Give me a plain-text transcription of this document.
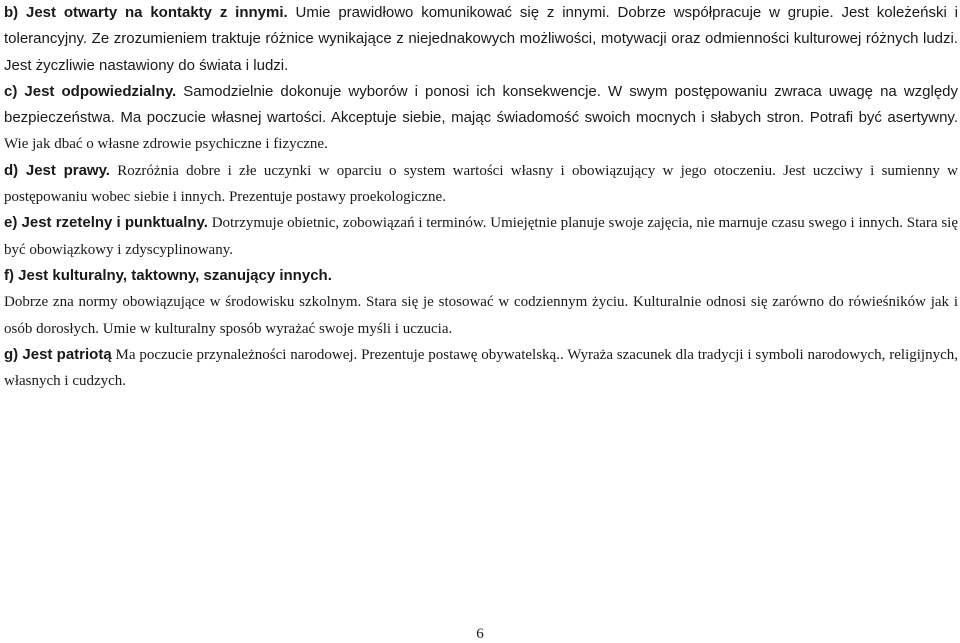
b) Jest otwarty na kontakty z innymi. Umie prawidłowo komunikować się z innymi. Dobrze współpracuje w grupie. Jest koleżeński i tolerancyjny. Ze zrozumieniem traktuje różnice wynikające z niejednakowych możliwości, motywacji oraz odmienności kulturowej różnych ludzi. Jest życzliwie nastawiony do świata i ludzi.

c) Jest odpowiedzialny. Samodzielnie dokonuje wyborów i ponosi ich konsekwencje. W swym postępowaniu zwraca uwagę na względy bezpieczeństwa. Ma poczucie własnej wartości. Akceptuje siebie, mając świadomość swoich mocnych i słabych stron. Potrafi być asertywny. Wie jak dbać o własne zdrowie psychiczne i fizyczne.

d) Jest prawy. Rozróżnia dobre i złe uczynki w oparciu o system wartości własny i obowiązujący w jego otoczeniu. Jest uczciwy i sumienny w postępowaniu wobec siebie i innych. Prezentuje postawy proekologiczne.

e) Jest rzetelny i punktualny. Dotrzymuje obietnic, zobowiązań i terminów. Umiejętnie planuje swoje zajęcia, nie marnuje czasu swego i innych. Stara się być obowiązkowy i zdyscyplinowany.

f) Jest kulturalny, taktowny, szanujący innych.

Dobrze zna normy obowiązujące w środowisku szkolnym. Stara się je stosować w codziennym życiu. Kulturalnie odnosi się zarówno do rówieśników jak i osób dorosłych. Umie w kulturalny sposób wyrażać swoje myśli i uczucia.

g) Jest patriotą Ma poczucie przynależności narodowej. Prezentuje postawę obywatelską.. Wyraża szacunek dla tradycji i symboli narodowych, religijnych, własnych i cudzych.

6
